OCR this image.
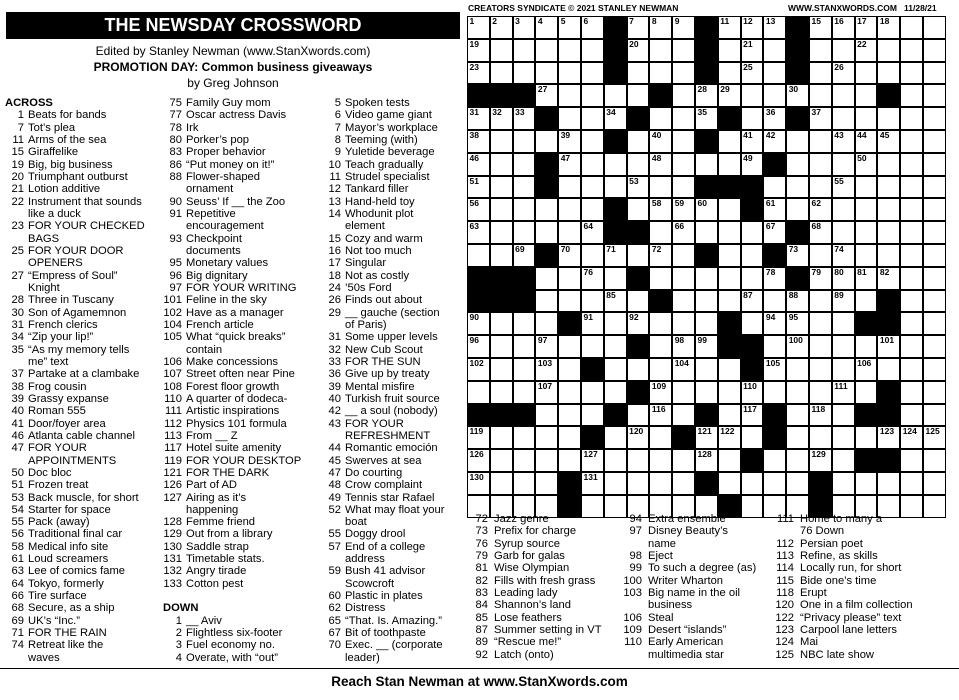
THE NEWSDAY CROSSWORD
Edited by Stanley Newman (www.StanXwords.com)
PROMOTION DAY: Common business giveaways
by Greg Johnson
CREATORS SYNDICATE © 2021 STANLEY NEWMAN	WWW.STANXWORDS.COM 11/28/21
ACROSS
1 Beats for bands
7 Tot’s plea
11 Arms of the sea
15 Giraffelike
19 Big, big business
20 Triumphant outburst
21 Lotion additive
22 Instrument that sounds
like a duck
23 FOR YOUR CHECKED
BAGS
25 FOR YOUR DOOR
OPENERS
27 “Empress of Soul”
Knight
28 Three in Tuscany
30 Son of Agamemnon
31 French clerics
34 “Zip your lip!”
35 “As my memory tells
me” text
37 Partake at a clambake
38 Frog cousin
39 Grassy expanse
40 Roman 555
41 Door/foyer area
46 Atlanta cable channel
47 FOR YOUR
APPOINTMENTS
50 Doc bloc
51 Frozen treat
53 Back muscle, for short
54 Starter for space
55 Pack (away)
56 Traditional final car
58 Medical info site
61 Loud screamers
63 Lee of comics fame
64 Tokyo, formerly
66 Tire surface
68 Secure, as a ship
69 UK’s “Inc.”
71 FOR THE RAIN
74 Retreat like the
waves
75 Family Guy mom
77 Oscar actress Davis
78 Irk
80 Porker’s pop
83 Proper behavior
86 “Put money on it!”
88 Flower-shaped
ornament
90 Seuss’ If __ the Zoo
91 Repetitive
encouragement
93 Checkpoint
documents
95 Monetary values
96 Big dignitary
97 FOR YOUR WRITING
101 Feline in the sky
102 Have as a manager
104 French article
105 What “quick breaks”
contain
106 Make concessions
107 Street often near Pine
108 Forest floor growth
110 A quarter of dodeca-
111 Artistic inspirations
112 Physics 101 formula
113 From __ Z
117 Hotel suite amenity
119 FOR YOUR DESKTOP
121 FOR THE DARK
126 Part of AD
127 Airing as it’s
happening
128 Femme friend
129 Out from a library
130 Saddle strap
131 Timetable stats.
132 Angry tirade
133 Cotton pest
DOWN
1 __ Aviv
2 Flightless six-footer
3 Fuel economy no.
4 Overate, with “out”
5 Spoken tests
6 Video game giant
7 Mayor’s workplace
8 Teeming (with)
9 Yuletide beverage
10 Teach gradually
11 Strudel specialist
12 Tankard filler
13 Hand-held toy
14 Whodunit plot
element
15 Cozy and warm
16 Not too much
17 Singular
18 Not as costly
24 ’50s Ford
26 Finds out about
29 __ gauche (section
of Paris)
31 Some upper levels
32 New Cub Scout
33 FOR THE SUN
36 Give up by treaty
39 Mental misfire
40 Turkish fruit source
42 __ a soul (nobody)
43 FOR YOUR
REFRESHMENT
44 Romantic emoción
45 Swerves at sea
47 Do courting
48 Crow complaint
49 Tennis star Rafael
52 What may float your
boat
55 Doggy drool
57 End of a college
address
59 Bush 41 advisor
Scowcroft
60 Plastic in plates
62 Distress
65 “That. Is. Amazing.”
67 Bit of toothpaste
70 Exec. __ (corporate
leader)
1 2 3 4 5 6	7 8 9 10 11 12 13 14 15 16 17 18
19	20	21	22
23	24	25	26
27	28 29	30
31 32 33	34	35	36	37
38	39	40	41 42	43 44 45
46	47	48	49	50
51	52	53	54	55
56	57	58 59 60	61	62
63	64	65	66	67	68
69	70	71	72	73	74
75	76	77	78	79 80 81 82
83 84	85	86	87	88	89
90	91	92	93	94 95
96	97	98 99	100	101
102	103	104	105	106
107	108 109	110	111
112 113 114	115	116	117	118
119	120	121 122	123 124 125
126	127	128	129
130	131	132	133
72 Jazz genre
73 Prefix for charge
76 Syrup source
79 Garb for galas
81 Wise Olympian
82 Fills with fresh grass
83 Leading lady
84 Shannon’s land
85 Lose feathers
87 Summer setting in VT
89 “Rescue me!”
92 Latch (onto)
94 Extra ensemble
97 Disney Beauty’s
name
98 Eject
99 To such a degree (as)
100 Writer Wharton
103 Big name in the oil
business
106 Steal
109 Desert “islands”
110 Early American
multimedia star
111 Home to many a
76 Down
112 Persian poet
113 Refine, as skills
114 Locally run, for short
115 Bide one’s time
118 Erupt
120 One in a film collection
122 “Privacy please” text
123 Carpool lane letters
124 Mai
125 NBC late show
Reach Stan Newman at www.StanXwords.com
